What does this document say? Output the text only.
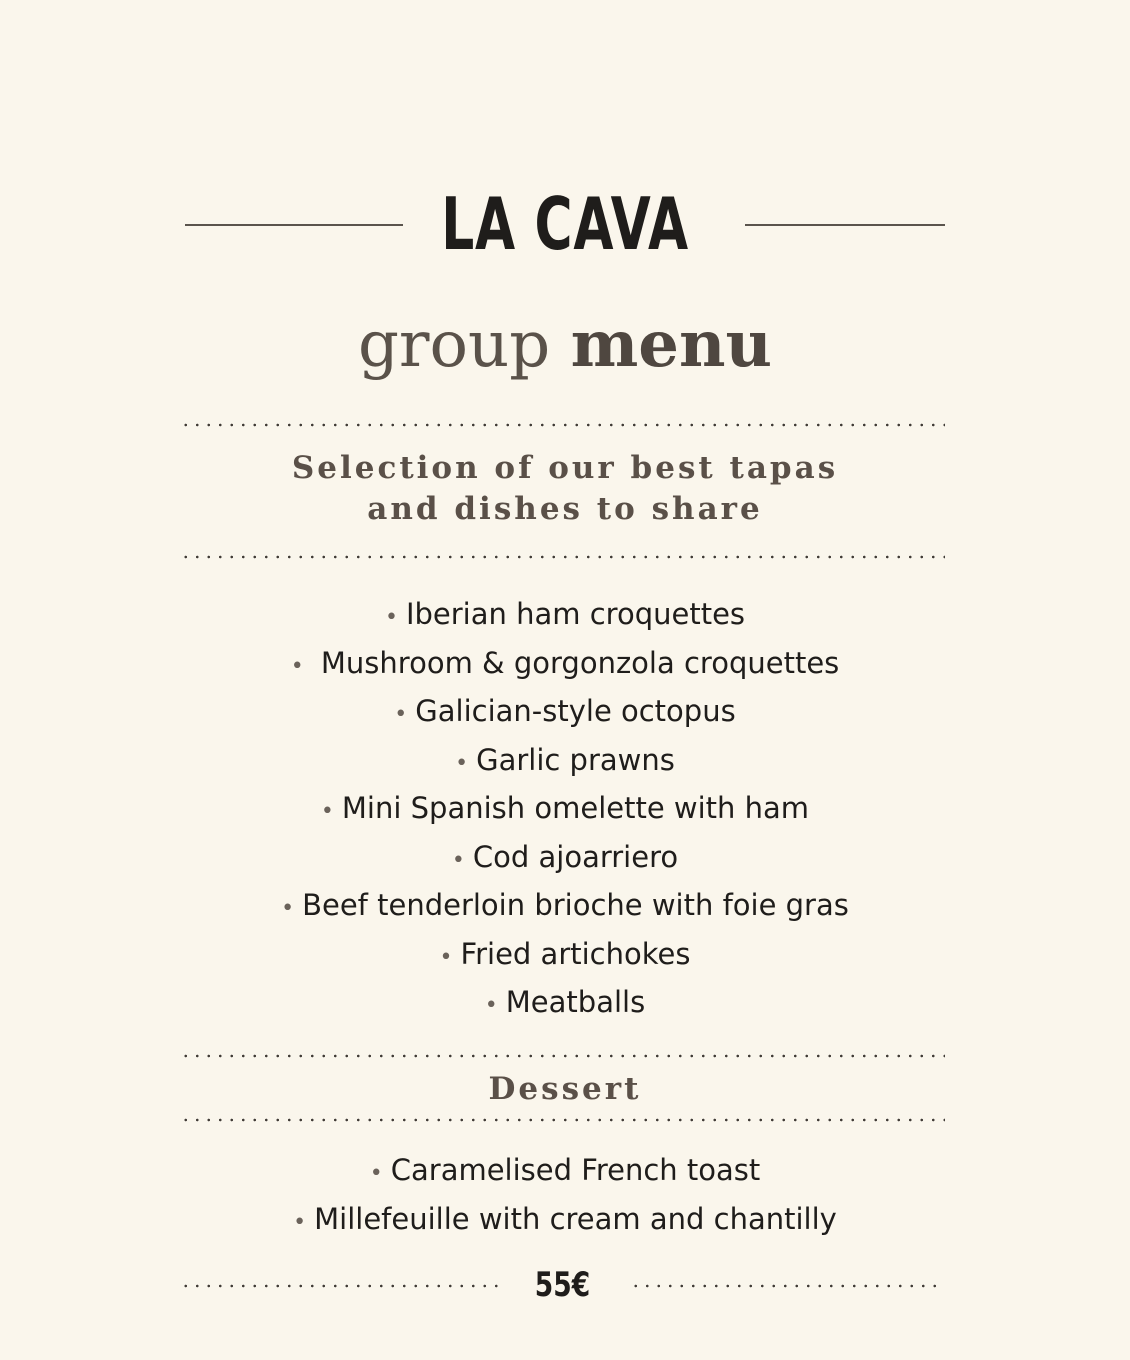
LA CAVA
group menu
Selection of our best tapas
and dishes to share
• Iberian ham croquettes
• Mushroom & gorgonzola croquettes
• Galician-style octopus
• Garlic prawns
• Mini Spanish omelette with ham
• Cod ajoarriero
• Beef tenderloin brioche with foie gras
• Fried artichokes
• Meatballs
Dessert
• Caramelised French toast
• Millefeuille with cream and chantilly
55€
